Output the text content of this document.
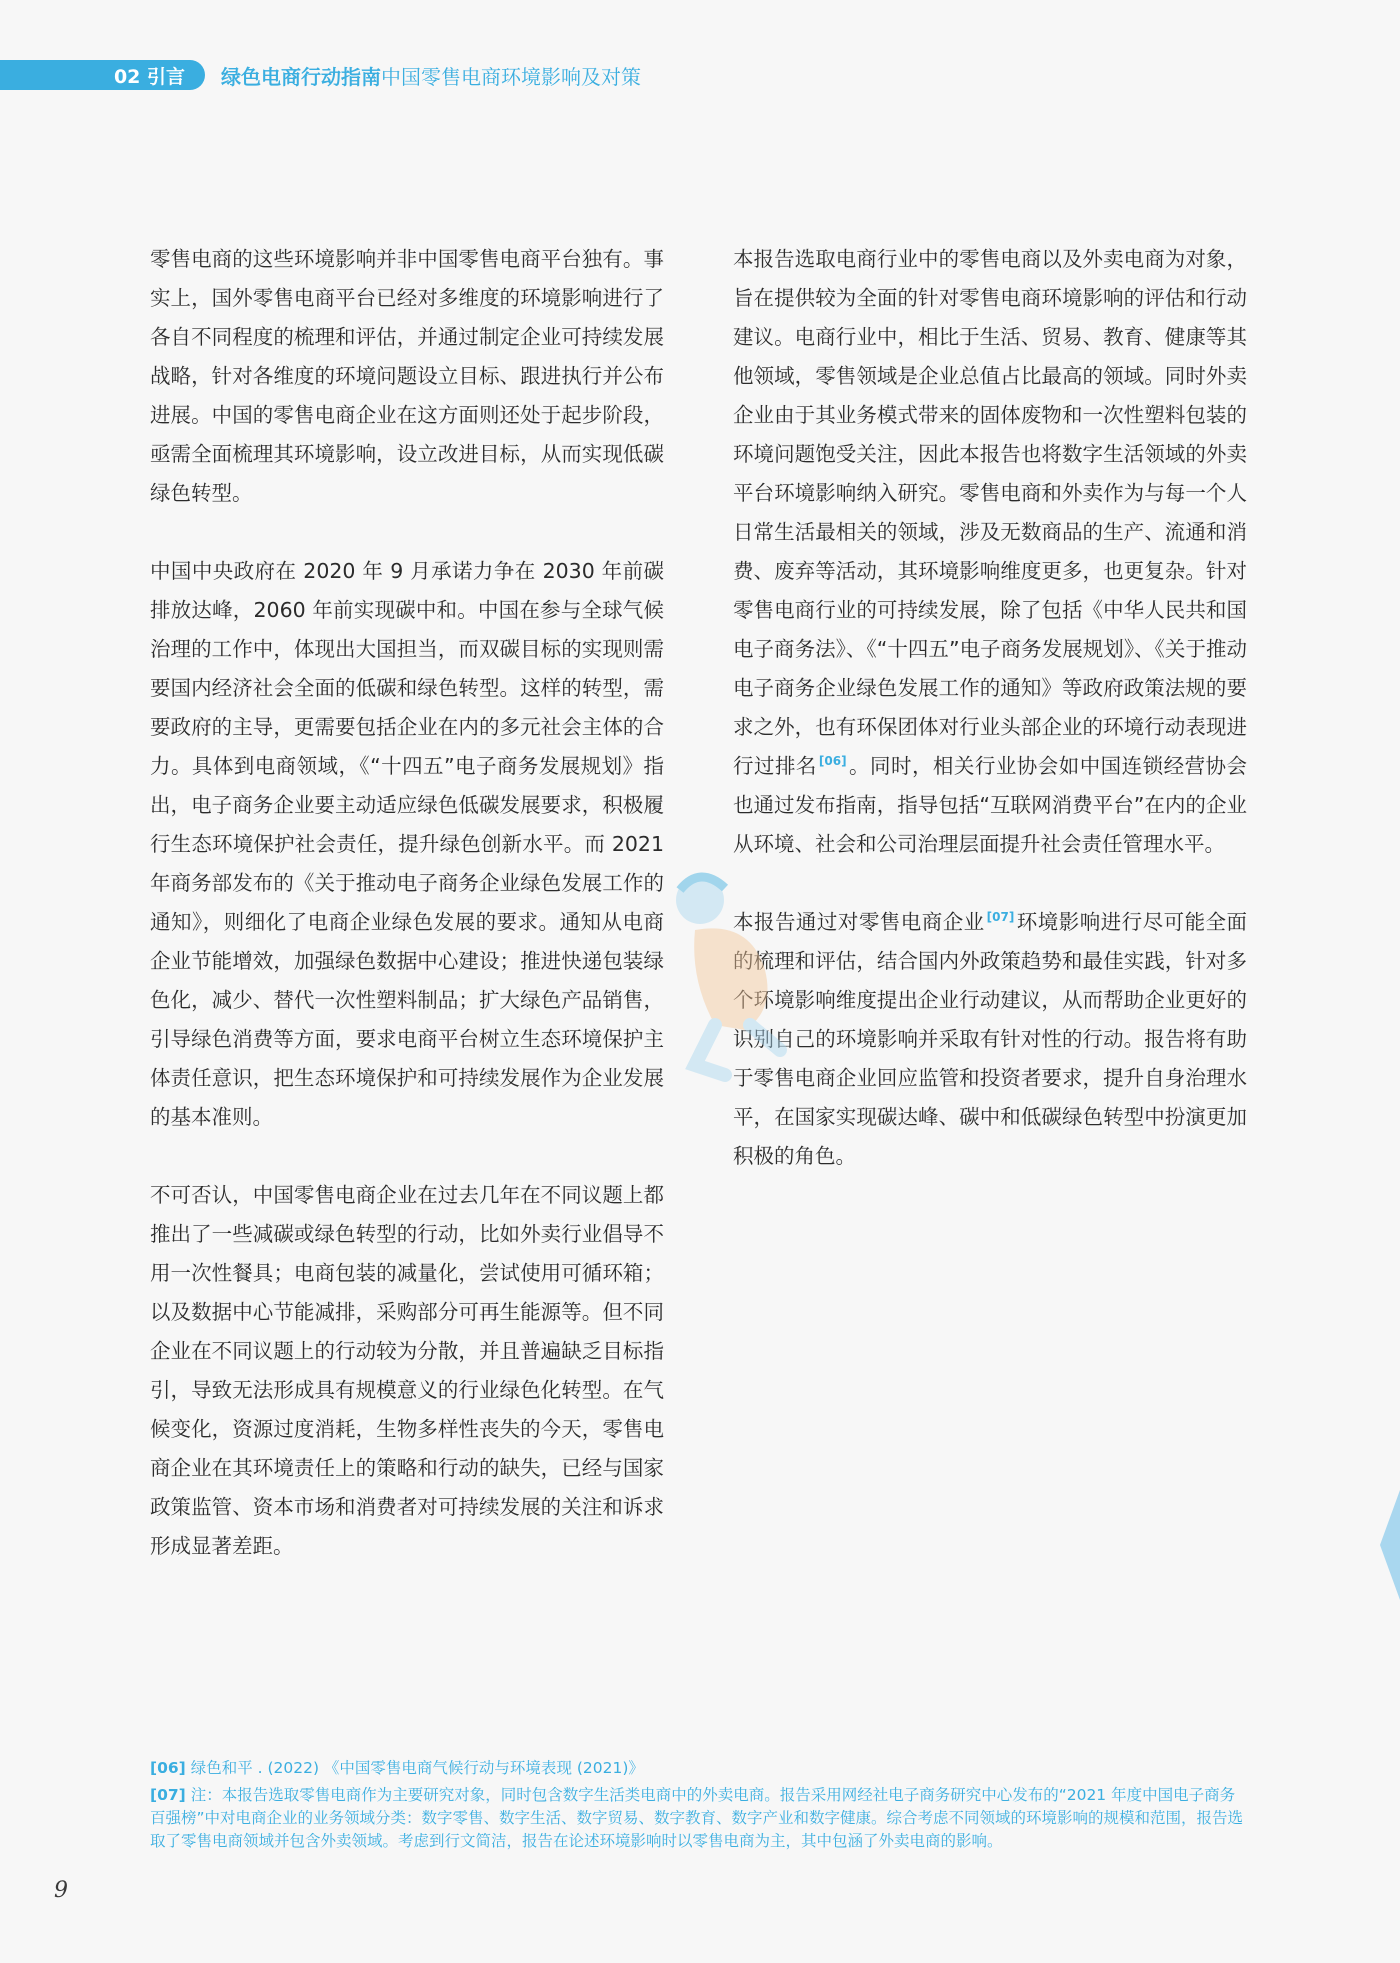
02 引言 绿色电商行动指南中国零售电商环境影响及对策

零售电商的这些环境影响并非中国零售电商平台独有。事实上，国外零售电商平台已经对多维度的环境影响进行了各自不同程度的梳理和评估，并通过制定企业可持续发展战略，针对各维度的环境问题设立目标、跟进执行并公布进展。中国的零售电商企业在这方面则还处于起步阶段，亟需全面梳理其环境影响，设立改进目标，从而实现低碳绿色转型。

中国中央政府在 2020 年 9 月承诺力争在 2030 年前碳排放达峰，2060 年前实现碳中和。中国在参与全球气候治理的工作中，体现出大国担当，而双碳目标的实现则需要国内经济社会全面的低碳和绿色转型。这样的转型，需要政府的主导，更需要包括企业在内的多元社会主体的合力。具体到电商领域，《“十四五”电子商务发展规划》指出，电子商务企业要主动适应绿色低碳发展要求，积极履行生态环境保护社会责任，提升绿色创新水平。而 2021 年商务部发布的《关于推动电子商务企业绿色发展工作的通知》，则细化了电商企业绿色发展的要求。通知从电商企业节能增效，加强绿色数据中心建设；推进快递包装绿色化，减少、替代一次性塑料制品；扩大绿色产品销售，引导绿色消费等方面，要求电商平台树立生态环境保护主体责任意识，把生态环境保护和可持续发展作为企业发展的基本准则。

不可否认，中国零售电商企业在过去几年在不同议题上都推出了一些减碳或绿色转型的行动，比如外卖行业倡导不用一次性餐具；电商包装的减量化，尝试使用可循环箱；以及数据中心节能减排，采购部分可再生能源等。但不同企业在不同议题上的行动较为分散，并且普遍缺乏目标指引，导致无法形成具有规模意义的行业绿色化转型。在气候变化，资源过度消耗，生物多样性丧失的今天，零售电商企业在其环境责任上的策略和行动的缺失，已经与国家政策监管、资本市场和消费者对可持续发展的关注和诉求形成显著差距。

本报告选取电商行业中的零售电商以及外卖电商为对象，旨在提供较为全面的针对零售电商环境影响的评估和行动建议。电商行业中，相比于生活、贸易、教育、健康等其他领域，零售领域是企业总值占比最高的领域。同时外卖企业由于其业务模式带来的固体废物和一次性塑料包装的环境问题饱受关注，因此本报告也将数字生活领域的外卖平台环境影响纳入研究。零售电商和外卖作为与每一个人日常生活最相关的领域，涉及无数商品的生产、流通和消费、废弃等活动，其环境影响维度更多，也更复杂。针对零售电商行业的可持续发展，除了包括《中华人民共和国电子商务法》、《“十四五”电子商务发展规划》、《关于推动电子商务企业绿色发展工作的通知》等政府政策法规的要求之外，也有环保团体对行业头部企业的环境行动表现进行过排名 [06]。同时，相关行业协会如中国连锁经营协会也通过发布指南，指导包括“互联网消费平台”在内的企业从环境、社会和公司治理层面提升社会责任管理水平。

本报告通过对零售电商企业 [07]环境影响进行尽可能全面的梳理和评估，结合国内外政策趋势和最佳实践，针对多个环境影响维度提出企业行动建议，从而帮助企业更好的识别自己的环境影响并采取有针对性的行动。报告将有助于零售电商企业回应监管和投资者要求，提升自身治理水平，在国家实现碳达峰、碳中和低碳绿色转型中扮演更加积极的角色。

[06] 绿色和平 . (2022) 《中国零售电商气候行动与环境表现 (2021)》

[07] 注：本报告选取零售电商作为主要研究对象，同时包含数字生活类电商中的外卖电商。报告采用网经社电子商务研究中心发布的“2021 年度中国电子商务百强榜”中对电商企业的业务领域分类：数字零售、数字生活、数字贸易、数字教育、数字产业和数字健康。综合考虑不同领域的环境影响的规模和范围，报告选取了零售电商领域并包含外卖领域。考虑到行文简洁，报告在论述环境影响时以零售电商为主，其中包涵了外卖电商的影响。

9
